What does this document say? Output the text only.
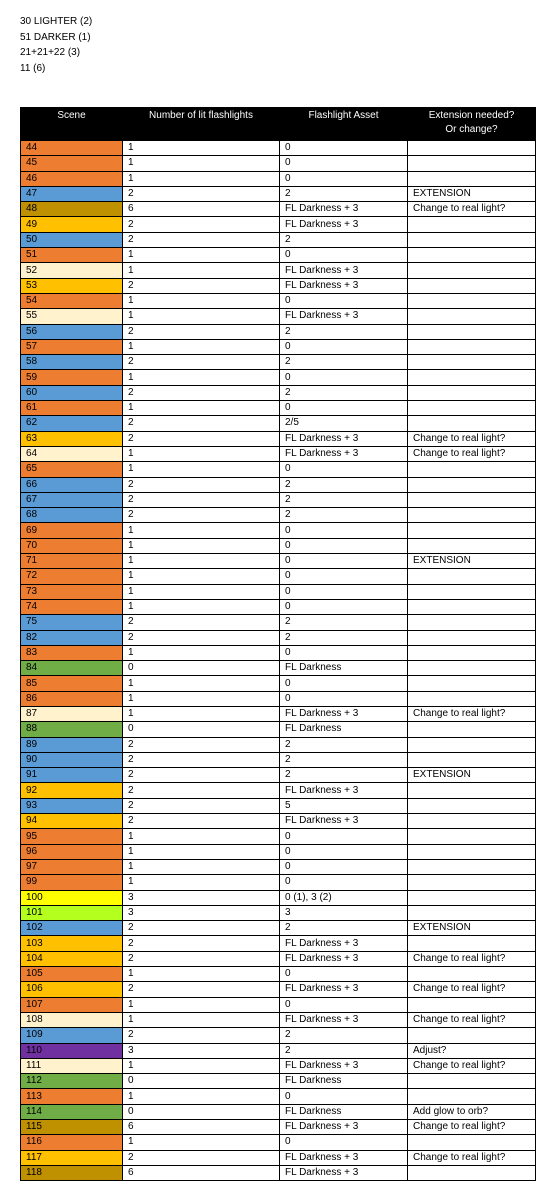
30 LIGHTER (2)
51 DARKER (1)
21+21+22 (3)
11 (6)
Scene	Number of lit flashlights	Flashlight Asset	Extension needed?
Or change?
44	1	0	
45	1	0	
46	1	0	
47	2	2	EXTENSION
48	6	FL Darkness + 3	Change to real light?
49	2	FL Darkness + 3	
50	2	2	
51	1	0	
52	1	FL Darkness + 3	
53	2	FL Darkness + 3	
54	1	0	
55	1	FL Darkness + 3	
56	2	2	
57	1	0	
58	2	2	
59	1	0	
60	2	2	
61	1	0	
62	2	2/5	
63	2	FL Darkness + 3	Change to real light?
64	1	FL Darkness + 3	Change to real light?
65	1	0	
66	2	2	
67	2	2	
68	2	2	
69	1	0	
70	1	0	
71	1	0	EXTENSION
72	1	0	
73	1	0	
74	1	0	
75	2	2	
82	2	2	
83	1	0	
84	0	FL Darkness	
85	1	0	
86	1	0	
87	1	FL Darkness + 3	Change to real light?
88	0	FL Darkness	
89	2	2	
90	2	2	
91	2	2	EXTENSION
92	2	FL Darkness + 3	
93	2	5	
94	2	FL Darkness + 3	
95	1	0	
96	1	0	
97	1	0	
99	1	0	
100	3	0 (1), 3 (2)	
101	3	3	
102	2	2	EXTENSION
103	2	FL Darkness + 3	
104	2	FL Darkness + 3	Change to real light?
105	1	0	
106	2	FL Darkness + 3	Change to real light?
107	1	0	
108	1	FL Darkness + 3	Change to real light?
109	2	2	
110	3	2	Adjust?
111	1	FL Darkness + 3	Change to real light?
112	0	FL Darkness	
113	1	0	
114	0	FL Darkness	Add glow to orb?
115	6	FL Darkness + 3	Change to real light?
116	1	0	
117	2	FL Darkness + 3	Change to real light?
118	6	FL Darkness + 3	
